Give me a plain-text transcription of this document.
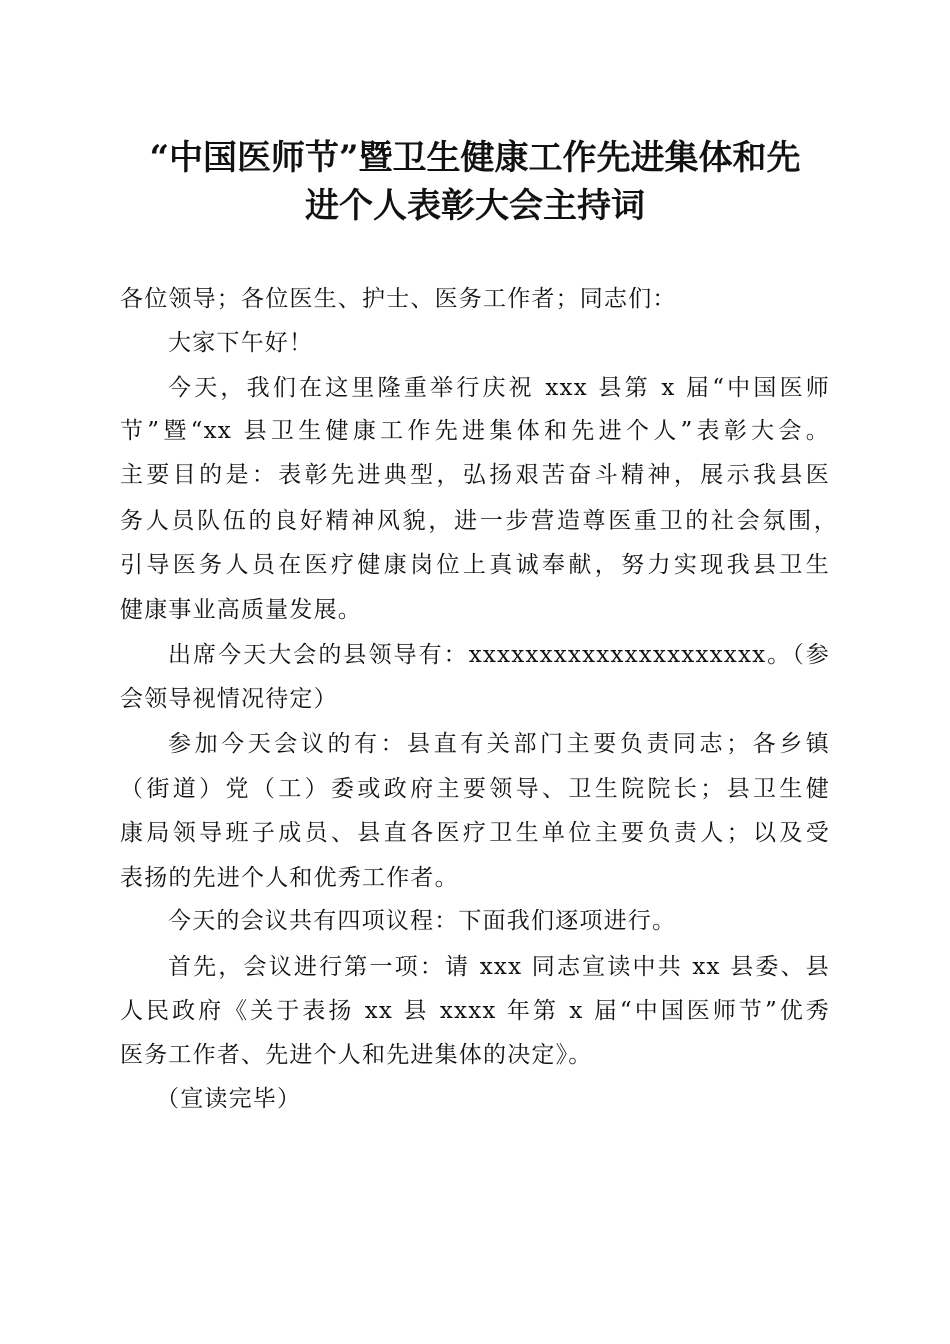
“中国医师节”暨卫生健康工作先进集体和先
进个人表彰大会主持词
各位领导；各位医生、护士、医务工作者；同志们：
大家下午好！
今天，我们在这里隆重举行庆祝 xxx 县第 x 届“中国医师
节”暨“xx 县卫生健康工作先进集体和先进个人”表彰大会。
主要目的是：表彰先进典型，弘扬艰苦奋斗精神，展示我县医
务人员队伍的良好精神风貌，进一步营造尊医重卫的社会氛围，
引导医务人员在医疗健康岗位上真诚奉献，努力实现我县卫生
健康事业高质量发展。
出席今天大会的县领导有：xxxxxxxxxxxxxxxxxxxxx。（参
会领导视情况待定）
参加今天会议的有：县直有关部门主要负责同志；各乡镇
（街道）党（工）委或政府主要领导、卫生院院长；县卫生健
康局领导班子成员、县直各医疗卫生单位主要负责人；以及受
表扬的先进个人和优秀工作者。
今天的会议共有四项议程：下面我们逐项进行。
首先，会议进行第一项：请 xxx 同志宣读中共 xx 县委、县
人民政府《关于表扬 xx 县 xxxx 年第 x 届“中国医师节”优秀
医务工作者、先进个人和先进集体的决定》。
（宣读完毕）
